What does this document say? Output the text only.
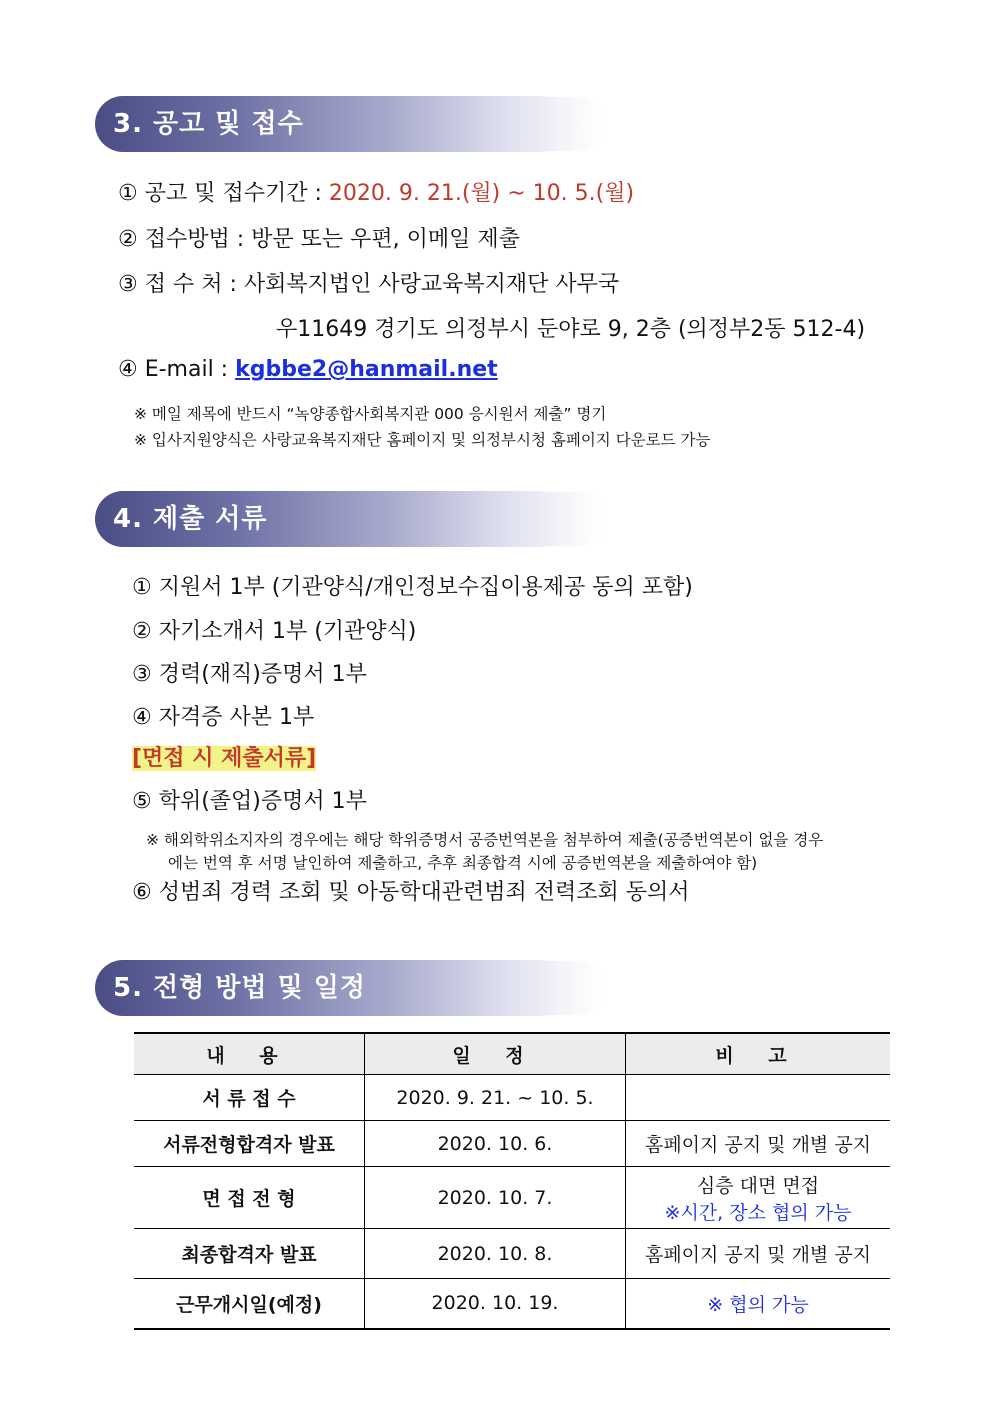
3. 공고 및 접수
① 공고 및 접수기간 : 2020. 9. 21.(월) ~ 10. 5.(월)
② 접수방법 : 방문 또는 우편, 이메일 제출
③ 접 수 처 : 사회복지법인 사랑교육복지재단 사무국
우11649 경기도 의정부시 둔야로 9, 2층 (의정부2동 512-4)
④ E-mail : kgbbe2@hanmail.net
※ 메일 제목에 반드시 “녹양종합사회복지관 000 응시원서 제출” 명기
※ 입사지원양식은 사랑교육복지재단 홈페이지 및 의정부시청 홈페이지 다운로드 가능
4. 제출 서류
① 지원서 1부 (기관양식/개인정보수집이용제공 동의 포함)
② 자기소개서 1부 (기관양식)
③ 경력(재직)증명서 1부
④ 자격증 사본 1부
[면접 시 제출서류]
⑤ 학위(졸업)증명서 1부
※ 해외학위소지자의 경우에는 해당 학위증명서 공증번역본을 첨부하여 제출(공증번역본이 없을 경우
에는 번역 후 서명 날인하여 제출하고, 추후 최종합격 시에 공증번역본을 제출하여야 함)
⑥ 성범죄 경력 조회 및 아동학대관련범죄 전력조회 동의서
5. 전형 방법 및 일정
내 용	일 정	비 고
서 류 접 수	2020. 9. 21. ~ 10. 5.	
서류전형합격자 발표	2020. 10. 6.	홈페이지 공지 및 개별 공지
면 접 전 형	2020. 10. 7.	심층 대면 면접
※시간, 장소 협의 가능

최종합격자 발표	2020. 10. 8.	홈페이지 공지 및 개별 공지
근무개시일(예정)	2020. 10. 19.	※ 협의 가능
